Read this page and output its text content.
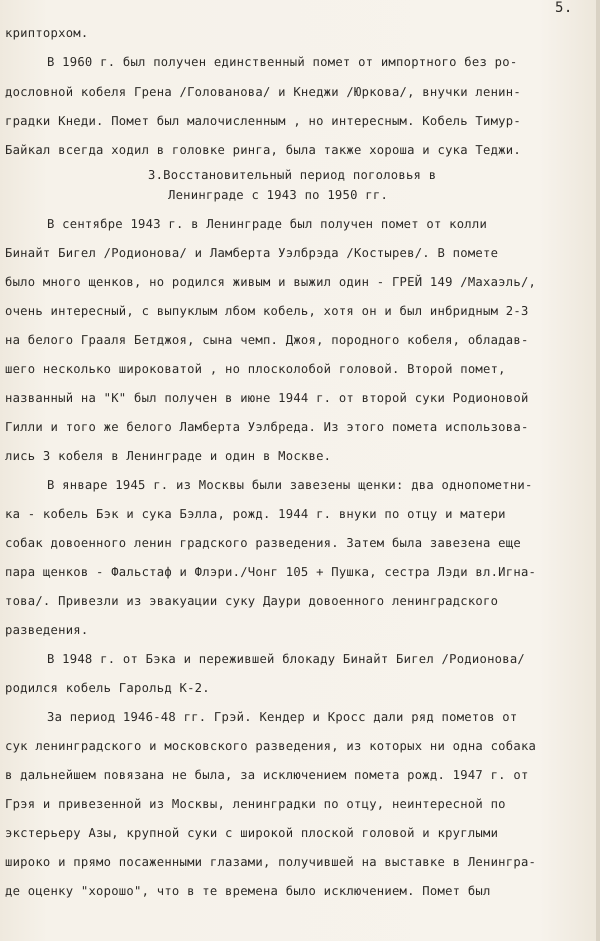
5.
крипторхом.
В 1960 г. был получен единственный помет от импортного без ро-
дословной кобеля Грена /Голованова/ и Кнеджи /Юркова/, внучки ленин-
градки Кнеди. Помет был малочисленным , но интересным. Кобель Тимур-
Байкал всегда ходил в головке ринга, была также хороша и сука Теджи.
3.Восстановительный период поголовья в
Ленинграде с 1943 по 1950 гг.
В сентябре 1943 г. в Ленинграде был получен помет от колли
Бинайт Бигел /Родионова/ и Ламберта Уэлбрэда /Костырев/. В помете
было много щенков, но родился живым и выжил один - ГРЕЙ 149 /Махаэль/,
очень интересный, с выпуклым лбом кобель, хотя он и был инбридным 2-3
на белого Грааля Бетджоя, сына чемп. Джоя, породного кобеля, обладав-
шего несколько широковатой , но плосколобой головой. Второй помет,
названный на "К" был получен в июне 1944 г. от второй суки Родионовой
Гилли и того же белого Ламберта Уэлбреда. Из этого помета использова-
лись 3 кобеля в Ленинграде и один в Москве.
В январе 1945 г. из Москвы были завезены щенки: два однопометни-
ка - кобель Бэк и сука Бэлла, рожд. 1944 г. внуки по отцу и матери
собак довоенного ленин градского разведения. Затем была завезена еще
пара щенков - Фальстаф и Флэри./Чонг 105 + Пушка, сестра Лэди вл.Игна-
това/. Привезли из эвакуации суку Даури довоенного ленинградского
разведения.
В 1948 г. от Бэка и пережившей блокаду Бинайт Бигел /Родионова/
родился кобель Гарольд К-2.
За период 1946-48 гг. Грэй. Кендер и Кросс дали ряд пометов от
сук ленинградского и московского разведения, из которых ни одна собака
в дальнейшем повязана не была, за исключением помета рожд. 1947 г. от
Грэя и привезенной из Москвы, ленинградки по отцу, неинтересной по
экстерьеру Азы, крупной суки с широкой плоской головой и круглыми
широко и прямо посаженными глазами, получившей на выставке в Ленингра-
де оценку "хорошо", что в те времена было исключением. Помет был
